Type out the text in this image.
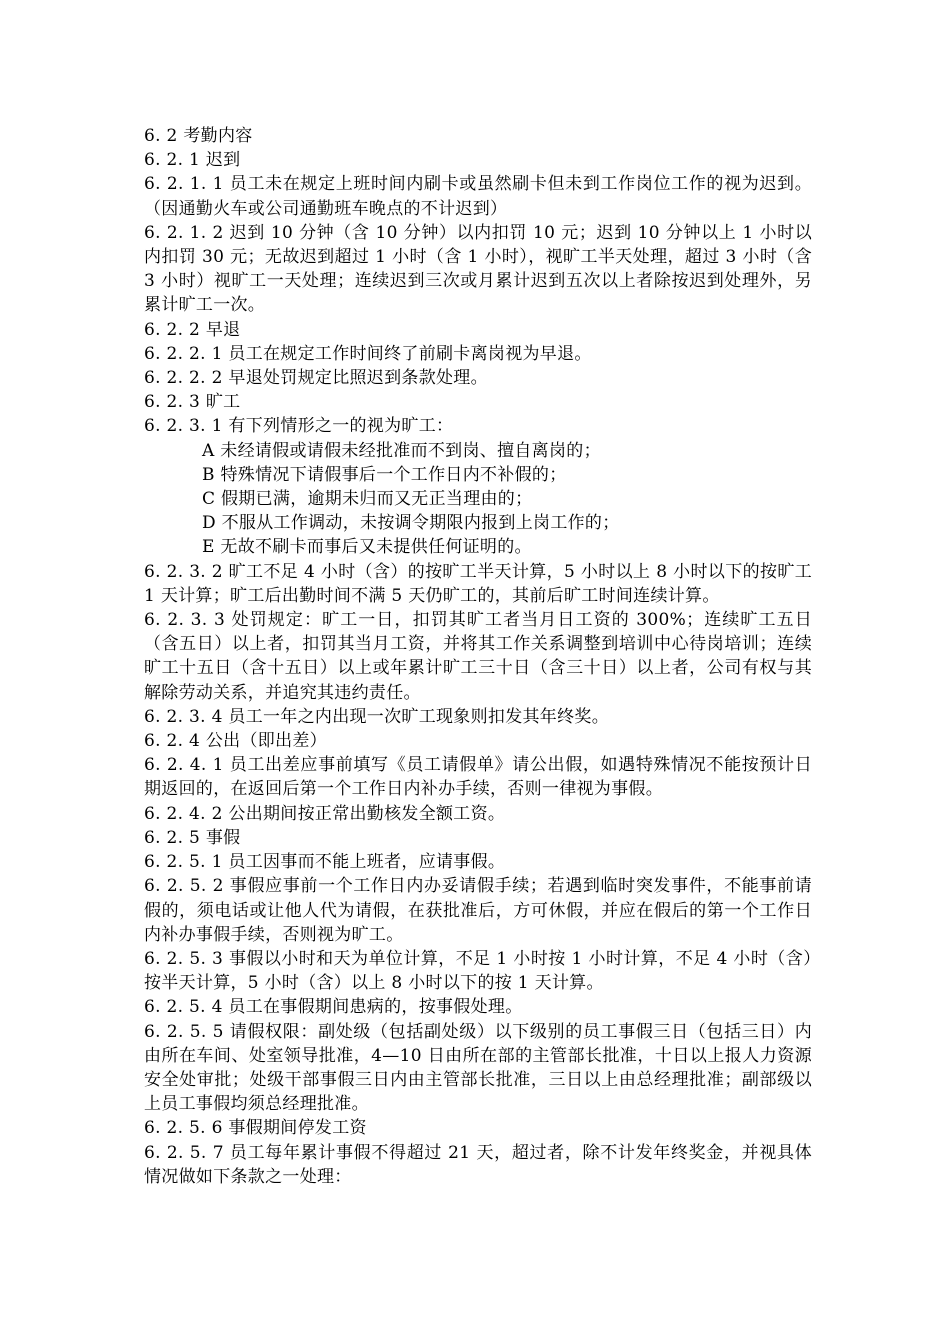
6. 2 考勤内容

6. 2. 1 迟到

6. 2. 1. 1 员工未在规定上班时间内刷卡或虽然刷卡但未到工作岗位工作的视为迟到。（因通勤火车或公司通勤班车晚点的不计迟到）

6. 2. 1. 2 迟到 10 分钟（含 10 分钟）以内扣罚 10 元；迟到 10 分钟以上 1 小时以内扣罚 30 元；无故迟到超过 1 小时（含 1 小时），视旷工半天处理，超过 3 小时（含 3 小时）视旷工一天处理；连续迟到三次或月累计迟到五次以上者除按迟到处理外，另累计旷工一次。

6. 2. 2 早退

6. 2. 2. 1 员工在规定工作时间终了前刷卡离岗视为早退。

6. 2. 2. 2 早退处罚规定比照迟到条款处理。

6. 2. 3 旷工

6. 2. 3. 1 有下列情形之一的视为旷工：

A 未经请假或请假未经批准而不到岗、擅自离岗的；

B 特殊情况下请假事后一个工作日内不补假的；

C 假期已满，逾期未归而又无正当理由的；

D 不服从工作调动，未按调令期限内报到上岗工作的；

E 无故不刷卡而事后又未提供任何证明的。

6. 2. 3. 2 旷工不足 4 小时（含）的按旷工半天计算，5 小时以上 8 小时以下的按旷工 1 天计算；旷工后出勤时间不满 5 天仍旷工的，其前后旷工时间连续计算。

6. 2. 3. 3 处罚规定：旷工一日，扣罚其旷工者当月日工资的 300%；连续旷工五日（含五日）以上者，扣罚其当月工资，并将其工作关系调整到培训中心待岗培训；连续旷工十五日（含十五日）以上或年累计旷工三十日（含三十日）以上者，公司有权与其解除劳动关系，并追究其违约责任。

6. 2. 3. 4 员工一年之内出现一次旷工现象则扣发其年终奖。

6. 2. 4 公出（即出差）

6. 2. 4. 1 员工出差应事前填写《员工请假单》请公出假，如遇特殊情况不能按预计日期返回的，在返回后第一个工作日内补办手续，否则一律视为事假。

6. 2. 4. 2 公出期间按正常出勤核发全额工资。

6. 2. 5 事假

6. 2. 5. 1 员工因事而不能上班者，应请事假。

6. 2. 5. 2 事假应事前一个工作日内办妥请假手续；若遇到临时突发事件，不能事前请假的，须电话或让他人代为请假，在获批准后，方可休假，并应在假后的第一个工作日内补办事假手续，否则视为旷工。

6. 2. 5. 3 事假以小时和天为单位计算，不足 1 小时按 1 小时计算，不足 4 小时（含）按半天计算，5 小时（含）以上 8 小时以下的按 1 天计算。

6. 2. 5. 4 员工在事假期间患病的，按事假处理。

6. 2. 5. 5 请假权限：副处级（包括副处级）以下级别的员工事假三日（包括三日）内由所在车间、处室领导批准，4—10 日由所在部的主管部长批准，十日以上报人力资源安全处审批；处级干部事假三日内由主管部长批准，三日以上由总经理批准；副部级以上员工事假均须总经理批准。

6. 2. 5. 6 事假期间停发工资

6. 2. 5. 7 员工每年累计事假不得超过 21 天，超过者，除不计发年终奖金，并视具体情况做如下条款之一处理：
